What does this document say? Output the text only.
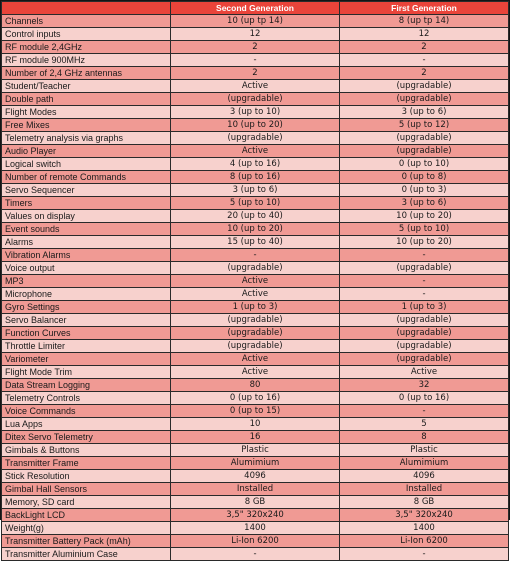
	Second Generation	First Generation
Channels	10 (up tp 14)	8 (up tp 14)
Control inputs	12	12
RF module 2,4GHz	2	2
RF module 900MHz	-	-
Number of 2,4 GHz antennas	2	2
Student/Teacher	Active	(upgradable)
Double path	(upgradable)	(upgradable)
Flight Modes	3 (up to 10)	3 (up to 6)
Free Mixes	10 (up to 20)	5 (up to 12)
Telemetry analysis via graphs	(upgradable)	(upgradable)
Audio Player	Active	(upgradable)
Logical switch	4 (up to 16)	0 (up to 10)
Number of remote Commands	8 (up to 16)	0 (up to 8)
Servo Sequencer	3 (up to 6)	0 (up to 3)
Timers	5 (up to 10)	3 (up to 6)
Values on display	20 (up to 40)	10 (up to 20)
Event sounds	10 (up to 20)	5 (up to 10)
Alarms	15 (up to 40)	10 (up to 20)
Vibration Alarms	-	-
Voice output	(upgradable)	(upgradable)
MP3	Active	-
Microphone	Active	-
Gyro Settings	1 (up to 3)	1 (up to 3)
Servo Balancer	(upgradable)	(upgradable)
Function Curves	(upgradable)	(upgradable)
Throttle Limiter	(upgradable)	(upgradable)
Variometer	Active	(upgradable)
Flight Mode Trim	Active	Active
Data Stream Logging	80	32
Telemetry Controls	0 (up to 16)	0 (up to 16)
Voice Commands	0 (up to 15)	-
Lua Apps	10	5
Ditex Servo Telemetry	16	8
Gimbals & Buttons	Plastic	Plastic
Transmitter Frame	Alumimium	Alumimium
Stick Resolution	4096	4096
Gimbal Hall Sensors	Installed	Installed
Memory, SD card	8 GB	8 GB
BackLight LCD	3,5" 320x240	3,5" 320x240
Weight(g)	1400	1400
Transmitter Battery Pack (mAh)	Li-Ion 6200	Li-Ion 6200
Transmitter Aluminium Case	-	-
